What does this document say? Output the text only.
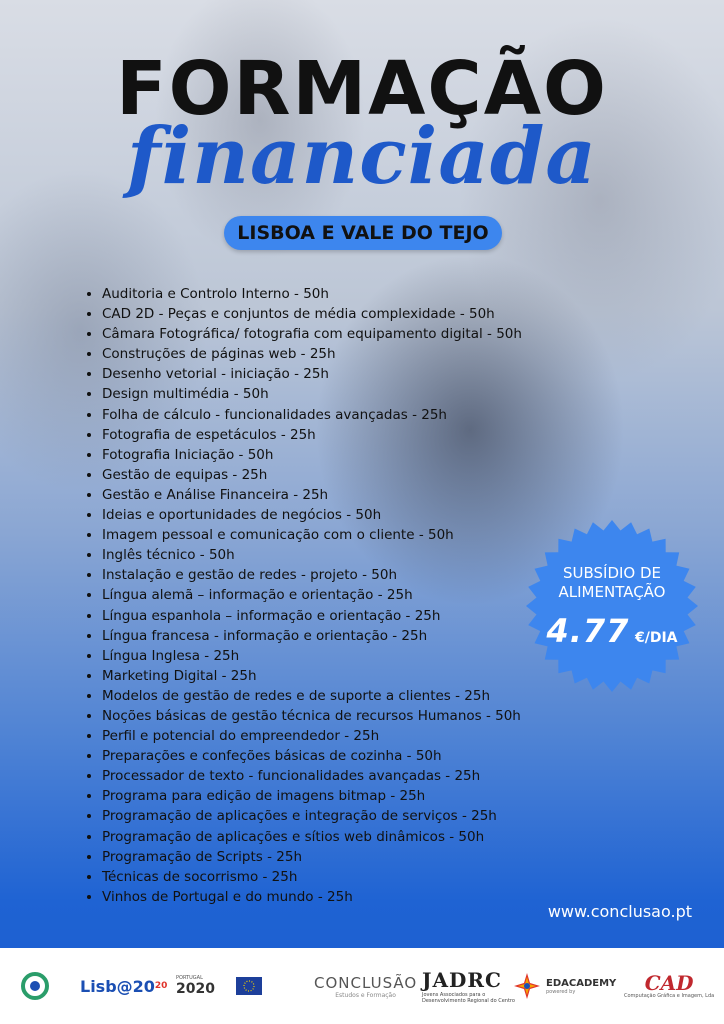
FORMAÇÃO
financiada
LISBOA E VALE DO TEJO
• Auditoria e Controlo Interno - 50h
• CAD 2D - Peças e conjuntos de média complexidade - 50h
• Câmara Fotográfica/ fotografia com equipamento digital - 50h
• Construções de páginas web - 25h
• Desenho vetorial - iniciação - 25h
• Design multimédia - 50h
• Folha de cálculo - funcionalidades avançadas - 25h
• Fotografia de espetáculos - 25h
• Fotografia Iniciação - 50h
• Gestão de equipas - 25h
• Gestão e Análise Financeira - 25h
• Ideias e oportunidades de negócios - 50h
• Imagem pessoal e comunicação com o cliente - 50h
• Inglês técnico - 50h
• Instalação e gestão de redes - projeto - 50h
• Língua alemã – informação e orientação - 25h
• Língua espanhola – informação e orientação - 25h
• Língua francesa - informação e orientação - 25h
• Língua Inglesa - 25h
• Marketing Digital - 25h
• Modelos de gestão de redes e de suporte a clientes - 25h
• Noções básicas de gestão técnica de recursos Humanos - 50h
• Perfil e potencial do empreendedor - 25h
• Preparações e confeções básicas de cozinha - 50h
• Processador de texto - funcionalidades avançadas - 25h
• Programa para edição de imagens bitmap - 25h
• Programação de aplicações e integração de serviços - 25h
• Programação de aplicações e sítios web dinâmicos - 50h
• Programação de Scripts - 25h
• Técnicas de socorrismo - 25h
• Vinhos de Portugal e do mundo - 25h
SUBSÍDIO DE
ALIMENTAÇÃO
4.77 €/DIA
www.conclusao.pt
Lisb@20 20
PORTUGAL
2020	CONCLUSÃO
Estudos e Formação
JADRC
Jovens Associados para o
Desenvolvimento Regional do Centro
EDACADEMY
powered by	CAD
Computação Gráfica e Imagem, Lda
